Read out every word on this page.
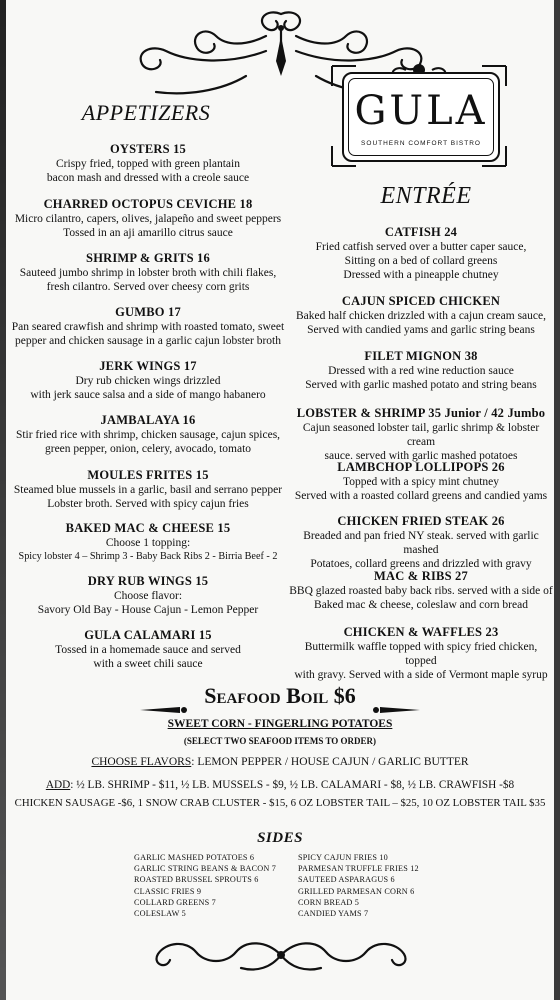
GULA
SOUTHERN COMFORT BISTRO
APPETIZERS
ENTRÉE
OYSTERS 15
Crispy fried, topped with green plantain
bacon mash and dressed with a creole sauce
CHARRED OCTOPUS CEVICHE 18
Micro cilantro, capers, olives, jalapeño and sweet peppers
Tossed in an aji amarillo citrus sauce
SHRIMP & GRITS 16
Sauteed jumbo shrimp in lobster broth with chili flakes,
fresh cilantro. Served over cheesy corn grits
GUMBO 17
Pan seared crawfish and shrimp with roasted tomato, sweet
pepper and chicken sausage in a garlic cajun lobster broth
JERK WINGS 17
Dry rub chicken wings drizzled
with jerk sauce salsa and a side of mango habanero
JAMBALAYA 16
Stir fried rice with shrimp, chicken sausage, cajun spices,
green pepper, onion, celery, avocado, tomato
MOULES FRITES 15
Steamed blue mussels in a garlic, basil and serrano pepper
Lobster broth. Served with spicy cajun fries
BAKED MAC & CHEESE 15
Choose 1 topping:
Spicy lobster 4 – Shrimp 3 - Baby Back Ribs 2 - Birria Beef - 2
DRY RUB WINGS 15
Choose flavor:
Savory Old Bay - House Cajun - Lemon Pepper
GULA CALAMARI 15
Tossed in a homemade sauce and served
with a sweet chili sauce
CATFISH 24
Fried catfish served over a butter caper sauce,
Sitting on a bed of collard greens
Dressed with a pineapple chutney
CAJUN SPICED CHICKEN
Baked half chicken drizzled with a cajun cream sauce,
Served with candied yams and garlic string beans
FILET MIGNON 38
Dressed with a red wine reduction sauce
Served with garlic mashed potato and string beans
LOBSTER & SHRIMP 35 Junior / 42 Jumbo
Cajun seasoned lobster tail, garlic shrimp & lobster cream
sauce. served with garlic mashed potatoes
LAMBCHOP LOLLIPOPS 26
Topped with a spicy mint chutney
Served with a roasted collard greens and candied yams
CHICKEN FRIED STEAK 26
Breaded and pan fried NY steak. served with garlic mashed
Potatoes, collard greens and drizzled with gravy
MAC & RIBS 27
BBQ glazed roasted baby back ribs. served with a side of
Baked mac & cheese, coleslaw and corn bread
CHICKEN & WAFFLES 23
Buttermilk waffle topped with spicy fried chicken, topped
with gravy. Served with a side of Vermont maple syrup
Seafood Boil $6
SWEET CORN - FINGERLING POTATOES
(SELECT TWO SEAFOOD ITEMS TO ORDER)
CHOOSE FLAVORS: LEMON PEPPER / HOUSE CAJUN / GARLIC BUTTER
ADD: ½ LB. SHRIMP - $11, ½ LB. MUSSELS - $9, ½ LB. CALAMARI - $8, ½ LB. CRAWFISH -$8
CHICKEN SAUSAGE -$6, 1 SNOW CRAB CLUSTER - $15, 6 OZ LOBSTER TAIL – $25, 10 OZ LOBSTER TAIL $35
SIDES
GARLIC MASHED POTATOES 6
GARLIC STRING BEANS & BACON 7
ROASTED BRUSSEL SPROUTS 6
CLASSIC FRIES 9
COLLARD GREENS 7
COLESLAW 5
SPICY CAJUN FRIES 10
PARMESAN TRUFFLE FRIES 12
SAUTEED ASPARAGUS 6
GRILLED PARMESAN CORN 6
CORN BREAD 5
CANDIED YAMS 7
